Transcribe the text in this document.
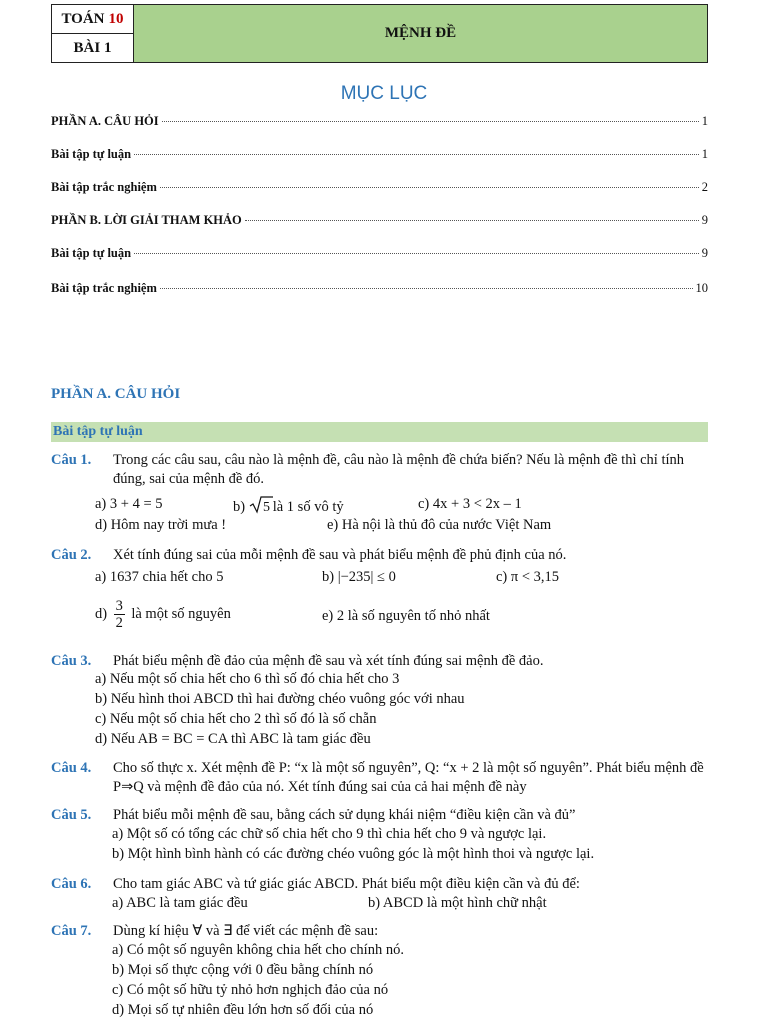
TOÁN 10
BÀI 1
MỆNH ĐỀ
MỤC LỤC
PHẦN A. CÂU HỎI	1
Bài tập tự luận	1
Bài tập trắc nghiệm	2
PHẦN B. LỜI GIẢI THAM KHẢO	9
Bài tập tự luận	9
Bài tập trắc nghiệm	10
PHẦN A. CÂU HỎI
Bài tập tự luận
Câu 1. Trong các câu sau, câu nào là mệnh đề, câu nào là mệnh đề chứa biến? Nếu là mệnh đề thì chỉ tính đúng, sai của mệnh đề đó.
a) 3 + 4 = 5	b) 5 là 1 số vô tỷ	c) 4x + 3 < 2x – 1
d) Hôm nay trời mưa !	e) Hà nội là thủ đô của nước Việt Nam
Câu 2. Xét tính đúng sai của mỗi mệnh đề sau và phát biểu mệnh đề phủ định của nó.
a) 1637 chia hết cho 5	b) |−235| ≤ 0	c) π < 3,15
$d) \frac{3}{2}$ là một số nguyên	e) 2 là số nguyên tố nhỏ nhất
Câu 3. Phát biểu mệnh đề đảo của mệnh đề sau và xét tính đúng sai mệnh đề đảo.
a) Nếu một số chia hết cho 6 thì số đó chia hết cho 3
b) Nếu hình thoi ABCD thì hai đường chéo vuông góc với nhau
c) Nếu một số chia hết cho 2 thì số đó là số chẵn
d) Nếu AB = BC = CA thì ABC là tam giác đều
Câu 4. Cho số thực x. Xét mệnh đề P: “x là một số nguyên”, Q: “x + 2 là một số nguyên”. Phát biểu mệnh đề P⇒Q và mệnh đề đảo của nó. Xét tính đúng sai của cả hai mệnh đề này
Câu 5. Phát biểu mỗi mệnh đề sau, bằng cách sử dụng khái niệm “điều kiện cần và đủ”
a) Một số có tổng các chữ số chia hết cho 9 thì chia hết cho 9 và ngược lại.
b) Một hình bình hành có các đường chéo vuông góc là một hình thoi và ngược lại.
Câu 6. Cho tam giác ABC và tứ giác giác ABCD. Phát biểu một điều kiện cần và đủ để:
a) ABC là tam giác đều	b) ABCD là một hình chữ nhật
Câu 7. Dùng kí hiệu ∀ và ∃ để viết các mệnh đề sau:
a) Có một số nguyên không chia hết cho chính nó.
b) Mọi số thực cộng với 0 đều bằng chính nó
c) Có một số hữu tỷ nhỏ hơn nghịch đảo của nó
d) Mọi số tự nhiên đều lớn hơn số đối của nó
